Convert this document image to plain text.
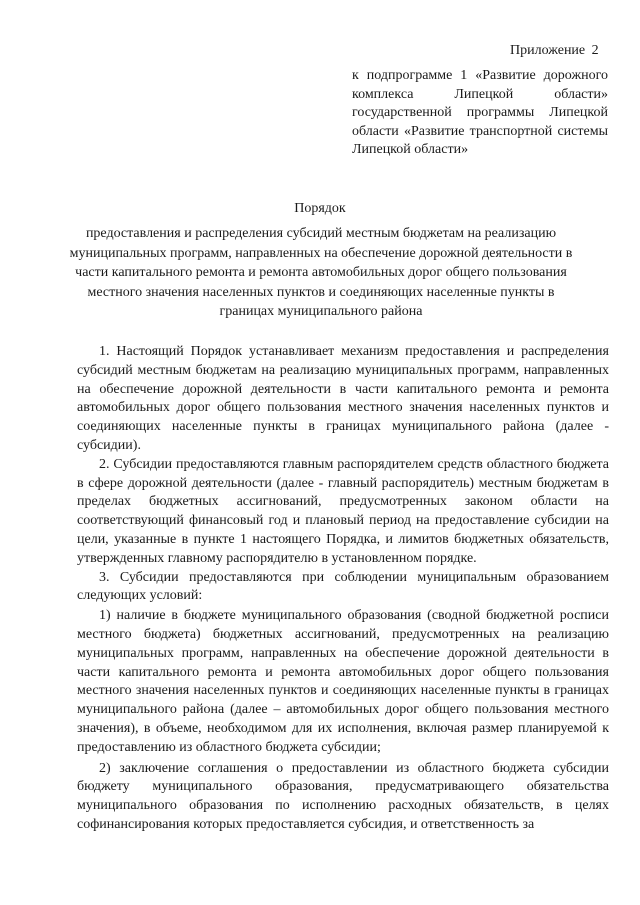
Приложение 2
к подпрограмме 1 «Развитие дорожного комплекса Липецкой области» государственной программы Липецкой области «Развитие транспортной системы Липецкой области»
Порядок
предоставления и распределения субсидий местным бюджетам на реализацию муниципальных программ, направленных на обеспечение дорожной деятельности в части капитального ремонта и ремонта автомобильных дорог общего пользования местного значения населенных пунктов и соединяющих населенные пункты в границах муниципального района

1. Настоящий Порядок устанавливает механизм предоставления и распределения субсидий местным бюджетам на реализацию муниципальных программ, направленных на обеспечение дорожной деятельности в части капитального ремонта и ремонта автомобильных дорог общего пользования местного значения населенных пунктов и соединяющих населенные пункты в границах муниципального района (далее - субсидии).

2. Субсидии предоставляются главным распорядителем средств областного бюджета в сфере дорожной деятельности (далее - главный распорядитель) местным бюджетам в пределах бюджетных ассигнований, предусмотренных законом области на соответствующий финансовый год и плановый период на предоставление субсидии на цели, указанные в пункте 1 настоящего Порядка, и лимитов бюджетных обязательств, утвержденных главному распорядителю в установленном порядке.

3. Субсидии предоставляются при соблюдении муниципальным образованием следующих условий:

1) наличие в бюджете муниципального образования (сводной бюджетной росписи местного бюджета) бюджетных ассигнований, предусмотренных на реализацию муниципальных программ, направленных на обеспечение дорожной деятельности в части капитального ремонта и ремонта автомобильных дорог общего пользования местного значения населенных пунктов и соединяющих населенные пункты в границах муниципального района (далее – автомобильных дорог общего пользования местного значения), в объеме, необходимом для их исполнения, включая размер планируемой к предоставлению из областного бюджета субсидии;

2) заключение соглашения о предоставлении из областного бюджета субсидии бюджету муниципального образования, предусматривающего обязательства муниципального образования по исполнению расходных обязательств, в целях софинансирования которых предоставляется субсидия, и ответственность за
